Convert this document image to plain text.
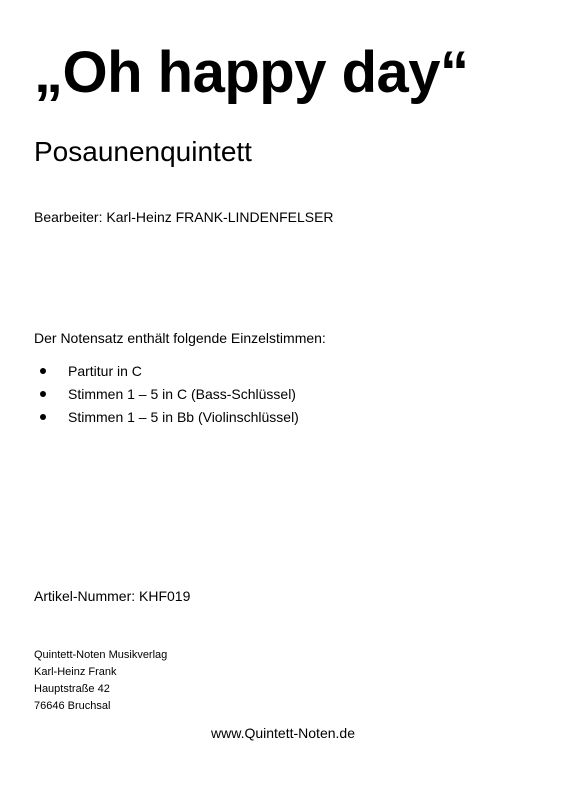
„Oh happy day“
Posaunenquintett
Bearbeiter: Karl-Heinz FRANK-LINDENFELSER
Der Notensatz enthält folgende Einzelstimmen:
Partitur in C
Stimmen 1 – 5 in C (Bass-Schlüssel)
Stimmen 1 – 5 in Bb (Violinschlüssel)
Artikel-Nummer: KHF019
Quintett-Noten Musikverlag
Karl-Heinz Frank
Hauptstraße 42
76646 Bruchsal
www.Quintett-Noten.de
